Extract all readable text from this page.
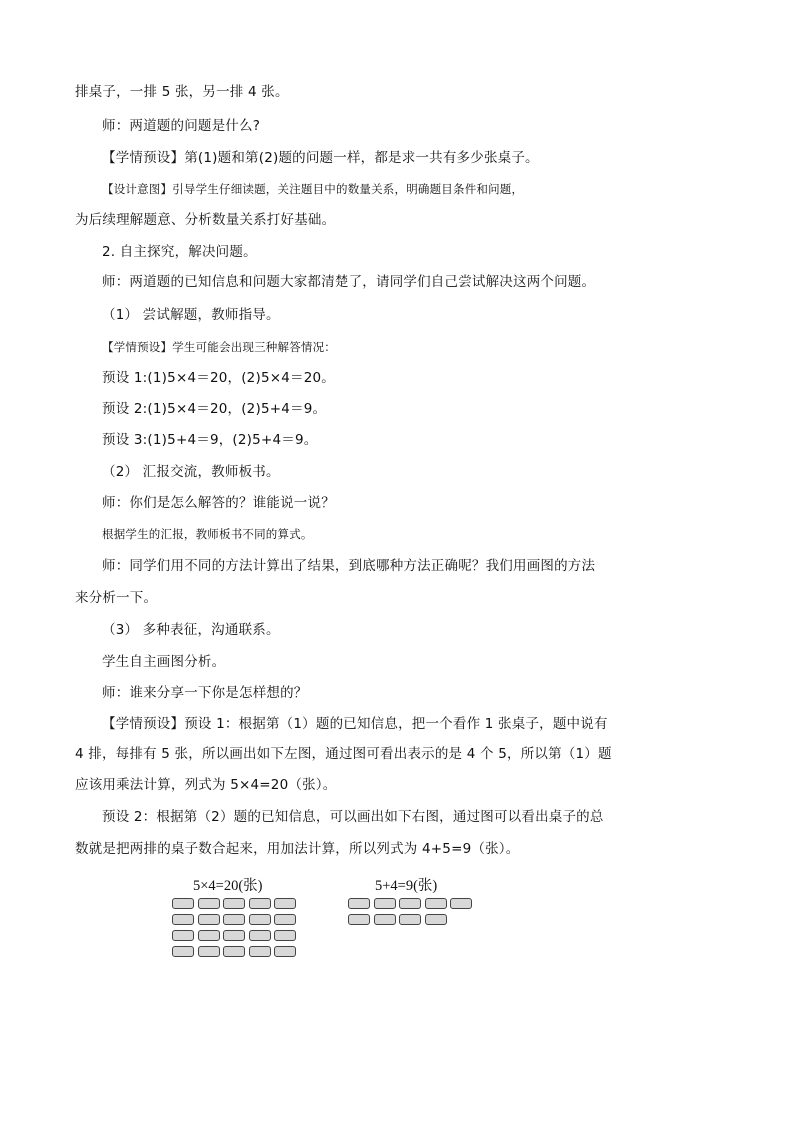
排桌子，一排 5 张，另一排 4 张。
师：两道题的问题是什么?
【学情预设】第(1)题和第(2)题的问题一样，都是求一共有多少张桌子。
【设计意图】引导学生仔细读题，关注题目中的数量关系，明确题目条件和问题，
为后续理解题意、分析数量关系打好基础。
2. 自主探究，解决问题。
师：两道题的已知信息和问题大家都清楚了，请同学们自己尝试解决这两个问题。
（1） 尝试解题，教师指导。
【学情预设】学生可能会出现三种解答情况：
预设 1:(1)5×4＝20，(2)5×4＝20。
预设 2:(1)5×4＝20，(2)5+4＝9。
预设 3:(1)5+4＝9，(2)5+4＝9。
（2） 汇报交流，教师板书。
师：你们是怎么解答的？谁能说一说？
根据学生的汇报，教师板书不同的算式。
师：同学们用不同的方法计算出了结果，到底哪种方法正确呢？我们用画图的方法
来分析一下。
（3） 多种表征，沟通联系。
学生自主画图分析。
师：谁来分享一下你是怎样想的？
【学情预设】预设 1：根据第（1）题的已知信息，把一个看作 1 张桌子，题中说有
4 排，每排有 5 张，所以画出如下左图，通过图可看出表示的是 4 个 5，所以第（1）题
应该用乘法计算，列式为 5×4=20（张）。
预设 2：根据第（2）题的已知信息，可以画出如下右图，通过图可以看出桌子的总
数就是把两排的桌子数合起来，用加法计算，所以列式为 4+5=9（张）。
5×4=20(张)	5+4=9(张)
